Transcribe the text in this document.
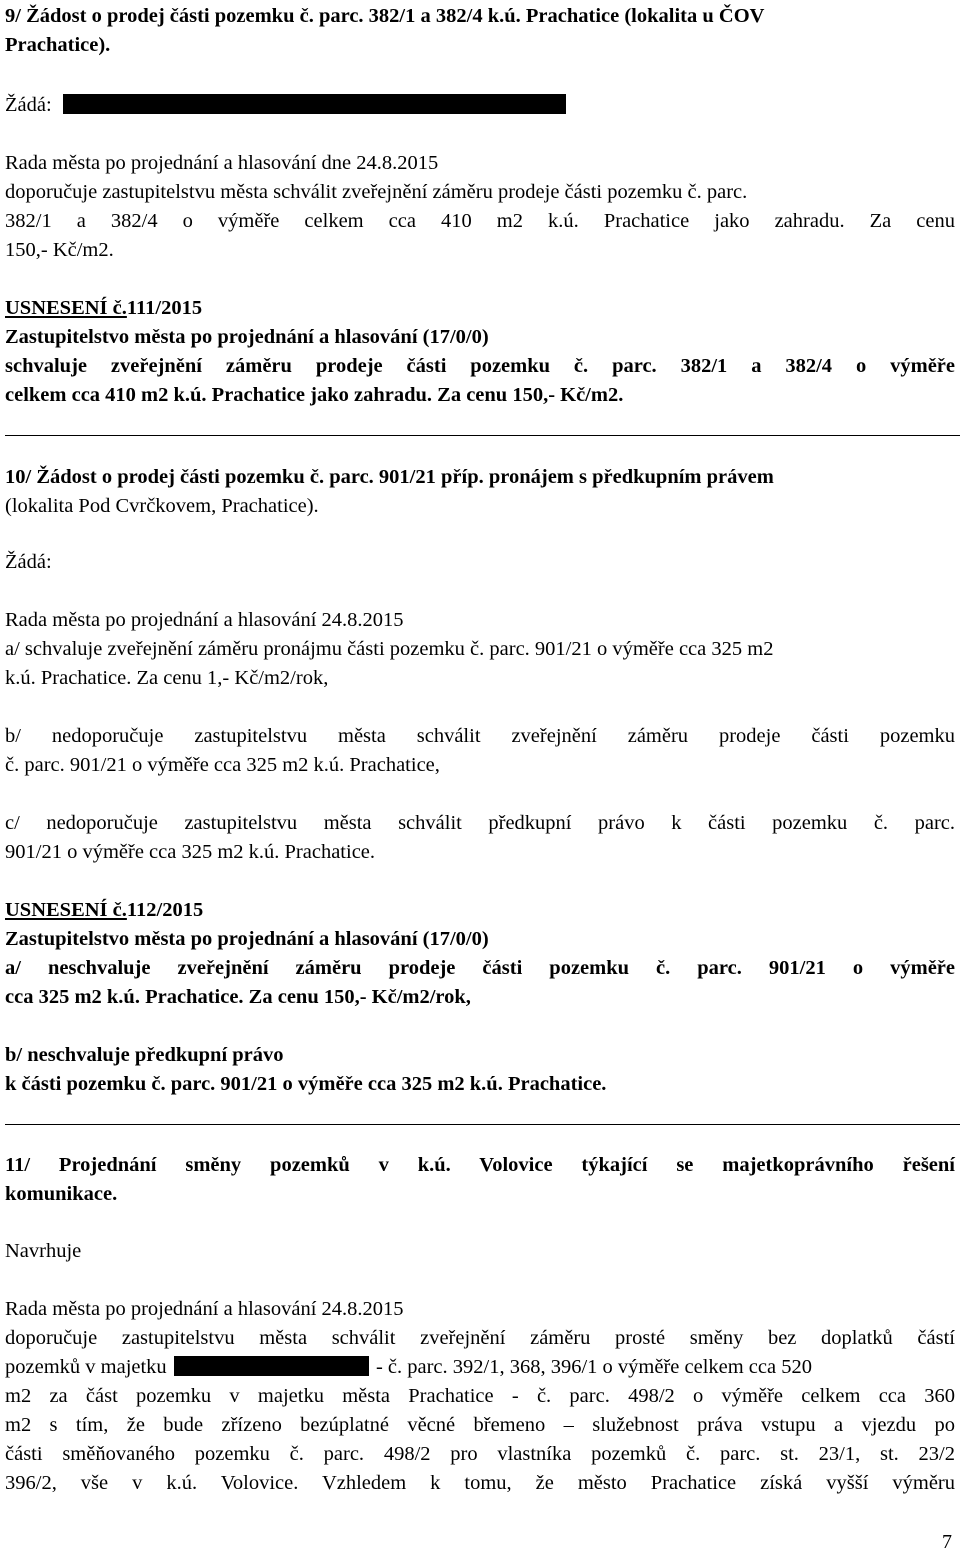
9/ Žádost o prodej části pozemku č. parc. 382/1 a 382/4 k.ú. Prachatice (lokalita u ČOV
Prachatice).
Žádá:
Rada města po projednání a hlasování dne 24.8.2015
doporučuje zastupitelstvu města schválit zveřejnění záměru prodeje části pozemku č. parc.
382/1 a 382/4 o výměře celkem cca 410 m2 k.ú. Prachatice jako zahradu. Za cenu
150,- Kč/m2.
USNESENÍ č.111/2015
Zastupitelstvo města po projednání a hlasování (17/0/0)
schvaluje zveřejnění záměru prodeje části pozemku č. parc. 382/1 a 382/4 o výměře
celkem cca 410 m2 k.ú. Prachatice jako zahradu. Za cenu 150,- Kč/m2.
10/ Žádost o prodej části pozemku č. parc. 901/21 příp. pronájem s předkupním právem
(lokalita Pod Cvrčkovem, Prachatice).
Žádá:
Rada města po projednání a hlasování 24.8.2015
a/ schvaluje zveřejnění záměru pronájmu části pozemku č. parc. 901/21 o výměře cca 325 m2
k.ú. Prachatice. Za cenu 1,- Kč/m2/rok,
b/ nedoporučuje zastupitelstvu města schválit zveřejnění záměru prodeje části pozemku
č. parc. 901/21 o výměře cca 325 m2 k.ú. Prachatice,
c/ nedoporučuje zastupitelstvu města schválit předkupní právo k části pozemku č. parc.
901/21 o výměře cca 325 m2 k.ú. Prachatice.
USNESENÍ č.112/2015
Zastupitelstvo města po projednání a hlasování (17/0/0)
a/ neschvaluje zveřejnění záměru prodeje části pozemku č. parc. 901/21 o výměře
cca 325 m2 k.ú. Prachatice. Za cenu 150,- Kč/m2/rok,
b/ neschvaluje předkupní právo
k části pozemku č. parc. 901/21 o výměře cca 325 m2 k.ú. Prachatice.
11/ Projednání směny pozemků v k.ú. Volovice týkající se majetkoprávního řešení
komunikace.
Navrhuje
Rada města po projednání a hlasování 24.8.2015
doporučuje zastupitelstvu města schválit zveřejnění záměru prosté směny bez doplatků částí
pozemků v majetku	- č. parc. 392/1, 368, 396/1 o výměře celkem cca 520
m2 za část pozemku v majetku města Prachatice - č. parc. 498/2 o výměře celkem cca 360
m2 s tím, že bude zřízeno bezúplatné věcné břemeno – služebnost práva vstupu a vjezdu po
části směňovaného pozemku č. parc. 498/2 pro vlastníka pozemků č. parc. st. 23/1, st. 23/2
396/2, vše v k.ú. Volovice. Vzhledem k tomu, že město Prachatice získá vyšší výměru
7
